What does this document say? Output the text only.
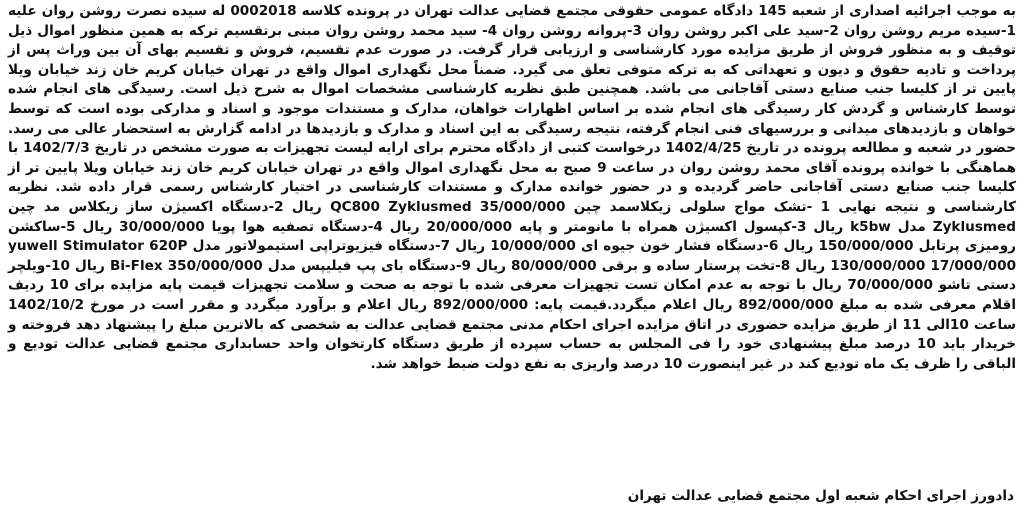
به موجب اجرائیه اصداری از شعبه 145 دادگاه عمومی حقوقی مجتمع قضایی عدالت تهران در پرونده کلاسه 0002018 له سیده نصرت روشن روان علیه 1-سیده مریم روشن روان 2-سید علی اکبر روشن روان 3-پروانه روشن روان 4- سید محمد روشن روان مبنی برتقسیم ترکه به همین منظور اموال ذیل توقیف و به منظور فروش از طریق مزایده مورد کارشناسی و ارزیابی قرار گرفت. در صورت عدم تقسیم، فروش و تقسیم بهای آن بین وراث پس از پرداخت و تادیه حقوق و دیون و تعهداتی که به ترکه متوفی تعلق می گیرد. ضمناً محل نگهداری اموال واقع در تهران خیابان کریم خان زند خیابان ویلا پایین تر از کلیسا جنب صنایع دستی آقاجانی می باشد. همچنین طبق نظریه کارشناسی مشخصات اموال به شرح ذیل است. رسیدگی های انجام شده توسط کارشناس و گردش کار رسیدگی های انجام شده بر اساس اظهارات خواهان، مدارک و مستندات موجود و اسناد و مدارکی بوده است که توسط خواهان و بازدیدهای میدانی و بررسیهای فنی انجام گرفته، نتیجه رسیدگی به این اسناد و مدارک و بازدیدها در ادامه گزارش به استحضار عالی می رسد. حضور در شعبه و مطالعه پرونده در تاریخ 1402/4/25 درخواست کتبی از دادگاه محترم برای ارایه لیست تجهیزات به صورت مشخص در تاریخ 1402/7/3 با هماهنگی با خوانده پرونده آقای محمد روشن روان در ساعت 9 صبح به محل نگهداری اموال واقع در تهران خیابان کریم خان زند خیابان ویلا پایین تر از کلیسا جنب صنایع دستی آقاجانی حاضر گردیده و در حضور خوانده مدارک و مستندات کارشناسی در اختیار کارشناس رسمی قرار داده شد. نظریه کارشناسی و نتیجه نهایی 1 -تشک مواج سلولی زیکلاسمد چین QC800 Zyklusmed 35/000/000 ریال 2-دستگاه اکسیژن ساز زیکلاس مد چین Zyklusmed مدل k5bw ریال 3-کپسول اکسیژن همراه با مانومتر و پایه 20/000/000 ریال 4-دستگاه تصفیه هوا پویا 30/000/000 ریال 5-ساکشن رومیزی پرتابل 150/000/000 ریال 6-دستگاه فشار خون جیوه ای 10/000/000 ریال 7-دستگاه فیزیوتراپی استیمولاتور مدل yuwell Stimulator 620P 130/000/000 17/000/000 ریال 8-تخت پرستار ساده و برقی 80/000/000 ریال 9-دستگاه بای پپ فیلیپس مدل Bi-Flex 350/000/000 ریال 10-ویلچر دستی تاشو 70/000/000 ریال با توجه به عدم امکان تست تجهیزات معرفی شده با توجه به صحت و سلامت تجهیزات قیمت پایه مزایده برای 10 ردیف اقلام معرفی شده به مبلغ 892/000/000 ریال اعلام میگردد.قیمت پایه: 892/000/000 ریال اعلام و برآورد میگردد و مقرر است در مورخ 1402/10/2 ساعت 10الی 11 از طریق مزایده حضوری در اتاق مزایده اجرای احکام مدنی مجتمع قضایی عدالت به شخصی که بالاترین مبلغ را پیشنهاد دهد فروخته و خریدار باید 10 درصد مبلغ پیشنهادی خود را فی المجلس به حساب سپرده از طریق دستگاه کارتخوان واحد حسابداری مجتمع قضایی عدالت تودیع و الباقی را ظرف یک ماه تودیع کند در غیر اینصورت 10 درصد واریزی به نفع دولت ضبط خواهد شد.
دادورز اجرای احکام شعبه اول مجتمع قضایی عدالت تهران
